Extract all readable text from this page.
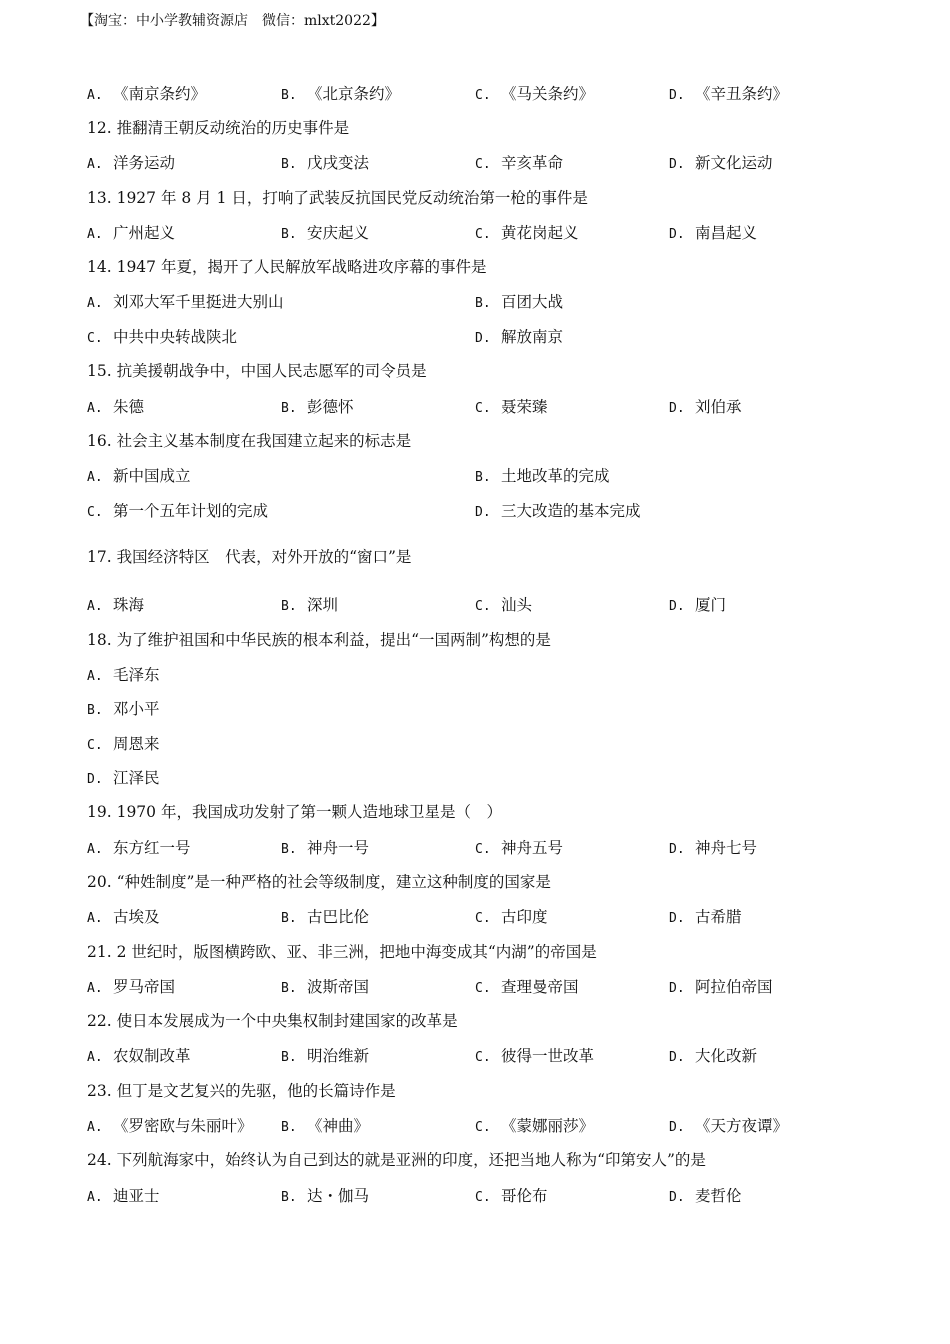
【淘宝：中小学教辅资源店　微信：mlxt2022】
A. 《南京条约》	B. 《北京条约》	C. 《马关条约》	D. 《辛丑条约》
12. 推翻清王朝反动统治的历史事件是
A. 洋务运动	B. 戊戌变法	C. 辛亥革命	D. 新文化运动
13. 1927 年 8 月 1 日，打响了武装反抗国民党反动统治第一枪的事件是
A. 广州起义	B. 安庆起义	C. 黄花岗起义	D. 南昌起义
14. 1947 年夏，揭开了人民解放军战略进攻序幕的事件是
A. 刘邓大军千里挺进大别山	B. 百团大战
C. 中共中央转战陕北	D. 解放南京
15. 抗美援朝战争中，中国人民志愿军的司令员是
A. 朱德	B. 彭德怀	C. 聂荣臻	D. 刘伯承
16. 社会主义基本制度在我国建立起来的标志是
A. 新中国成立	B. 土地改革的完成
C. 第一个五年计划的完成	D. 三大改造的基本完成
17. 我国经济特区　代表，对外开放的“窗口”是
A. 珠海	B. 深圳	C. 汕头	D. 厦门
18. 为了维护祖国和中华民族的根本利益，提出“一国两制”构想的是
A. 毛泽东
B. 邓小平
C. 周恩来
D. 江泽民
19. 1970 年，我国成功发射了第一颗人造地球卫星是（　）
A. 东方红一号	B. 神舟一号	C. 神舟五号	D. 神舟七号
20. “种姓制度”是一种严格的社会等级制度，建立这种制度的国家是
A. 古埃及	B. 古巴比伦	C. 古印度	D. 古希腊
21. 2 世纪时，版图横跨欧、亚、非三洲，把地中海变成其“内湖”的帝国是
A. 罗马帝国	B. 波斯帝国	C. 查理曼帝国	D. 阿拉伯帝国
22. 使日本发展成为一个中央集权制封建国家的改革是
A. 农奴制改革	B. 明治维新	C. 彼得一世改革	D. 大化改新
23. 但丁是文艺复兴的先驱，他的长篇诗作是
A. 《罗密欧与朱丽叶》 B. 《神曲》	C. 《蒙娜丽莎》	D. 《天方夜谭》
24. 下列航海家中，始终认为自己到达的就是亚洲的印度，还把当地人称为“印第安人”的是
A. 迪亚士	B. 达・伽马	C. 哥伦布	D. 麦哲伦
